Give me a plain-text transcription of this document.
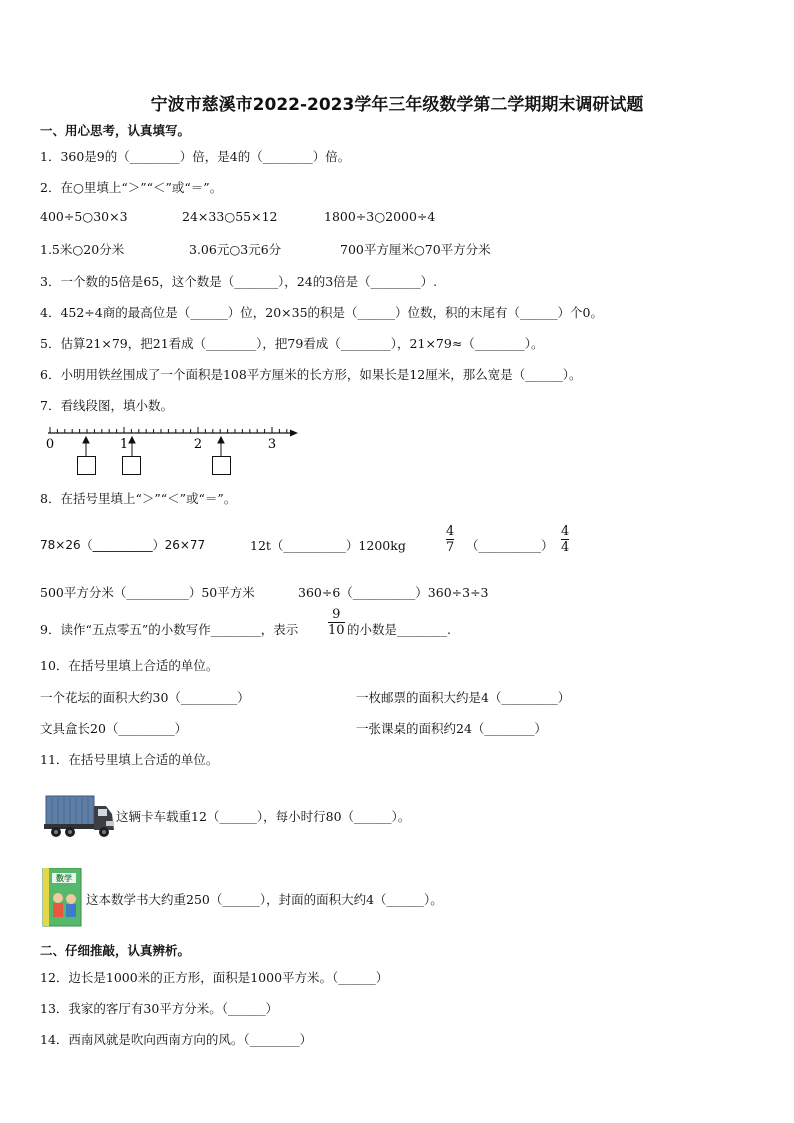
宁波市慈溪市2022-2023学年三年级数学第二学期期末调研试题
一、用心思考，认真填写。
1．360是9的（________）倍，是4的（________）倍。
2．在○里填上“＞”“＜”或“＝”。
400÷5○30×3	24×33○55×12	1800÷3○2000÷4
1.5米○20分米	3.06元○3元6分	700平方厘米○70平方分米
3．一个数的5倍是65，这个数是（_______），24的3倍是（________）.
4．452÷4商的最高位是（______）位，20×35的积是（______）位数，积的末尾有（______）个0。
5．估算21×79，把21看成（________），把79看成（________），21×79≈（________）。
6．小明用铁丝围成了一个面积是108平方厘米的长方形，如果长是12厘米，那么宽是（______）。
7．看线段图，填小数。
0	1	2	3
8．在括号里填上“＞”“＜”或“＝”。
78×26（__________）26×77	12t（__________）1200kg	$\frac{4}{7}$ （__________） $\frac{4}{4}$
500平方分米（__________）50平方米	360÷6（__________）360÷3÷3
9．读作“五点零五”的小数写作________，表示 $\frac{9}{10}$ 的小数是________.
10．在括号里填上合适的单位。
一个花坛的面积大约30（_________）	一枚邮票的面积大约是4（_________）
文具盒长20（_________）	一张课桌的面积约24（________）
11．在括号里填上合适的单位。
这辆卡车载重12（______），每小时行80（______）。
数学
这本数学书大约重250（______），封面的面积大约4（______）。
二、仔细推敲，认真辨析。
12．边长是1000米的正方形，面积是1000平方米。（______）
13．我家的客厅有30平方分米。（______）
14．西南风就是吹向西南方向的风。（________）
